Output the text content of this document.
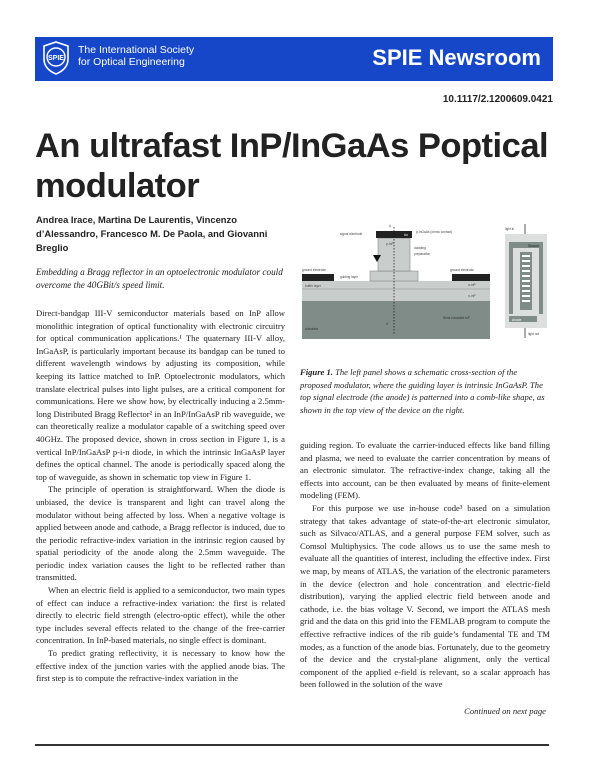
SPIE
The International Society
for Optical Engineering	SPIE Newsroom
10.1117/2.1200609.0421
An ultrafast InP/InGaAs Poptical modulator
Andrea Irace, Martina De Laurentis, Vincenzo d’Alessandro, Francesco M. De Paola, and Giovanni Breglio
Embedding a Bragg reflector in an optoelectronic modulator could overcome the 40GBit/s speed limit.

Direct-bandgap III-V semiconductor materials based on InP allow monolithic integration of optical functionality with electronic circuitry for optical communication applications.¹ The quaternary III-V alloy, InGaAsP, is particularly important because its bandgap can be tuned to different wavelength windows by adjusting its composition, while keeping its lattice matched to InP. Optoelectronic modulators, which translate electrical pulses into light pulses, are a critical component for communications. Here we show how, by electrically inducing a 2.5mm-long Distributed Bragg Reflector² in an InP/InGaAsP rib waveguide, we can theoretically realize a modulator capable of a switching speed over 40GHz. The proposed device, shown in cross section in Figure 1, is a vertical InP/InGaAsP p-i-n diode, in which the intrinsic InGaAsP layer defines the optical channel. The anode is periodically spaced along the top of waveguide, as shown in schematic top view in Figure 1.

The principle of operation is straightforward. When the diode is unbiased, the device is transparent and light can travel along the modulator without being affected by loss. When a negative voltage is applied between anode and cathode, a Bragg reflector is induced, due to the periodic refractive-index variation in the intrinsic region caused by spatial periodicity of the anode along the 2.5mm waveguide. The periodic index variation causes the light to be reflected rather than transmitted.

When an electric field is applied to a semiconductor, two main types of effect can induce a refractive-index variation: the first is related directly to electric field strength (electro-optic effect), while the other type includes several effects related to the change of the free-carrier concentration. In InP-based materials, no single effect is dominant.

To predict grating reflectivity, it is necessary to know how the effective index of the junction varies with the applied anode bias. The first step is to compute the refractive-index variation in the

signal electrode	p-InGaAs (ohmic contact)
p-InP
cladding
preparation
ground electrode	ground electrode
guiding layer
buffer layer	n-InP
n-InP
substrate
Semi-Insulated InP
Au
A
A'
light in
light out
Ground
Anode
Figure 1. The left panel shows a schematic cross-section of the proposed modulator, where the guiding layer is intrinsic InGaAsP. The top signal electrode (the anode) is patterned into a comb-like shape, as shown in the top view of the device on the right.

guiding region. To evaluate the carrier-induced effects like band filling and plasma, we need to evaluate the carrier concentration by means of an electronic simulator. The refractive-index change, taking all the effects into account, can be then evaluated by means of finite-element modeling (FEM).

For this purpose we use in-house code³ based on a simulation strategy that takes advantage of state-of-the-art electronic simulator, such as Silvaco/ATLAS, and a general purpose FEM solver, such as Comsol Multiphysics. The code allows us to use the same mesh to evaluate all the quantities of interest, including the effective index. First we map, by means of ATLAS, the variation of the electronic parameters in the device (electron and hole concentration and electric-field distribution), varying the applied electric field between anode and cathode, i.e. the bias voltage V. Second, we import the ATLAS mesh grid and the data on this grid into the FEMLAB program to compute the effective refractive indices of the rib guide’s fundamental TE and TM modes, as a function of the anode bias. Fortunately, due to the geometry of the device and the crystal-plane alignment, only the vertical component of the applied e-field is relevant, so a scalar approach has been followed in the solution of the wave

Continued on next page
